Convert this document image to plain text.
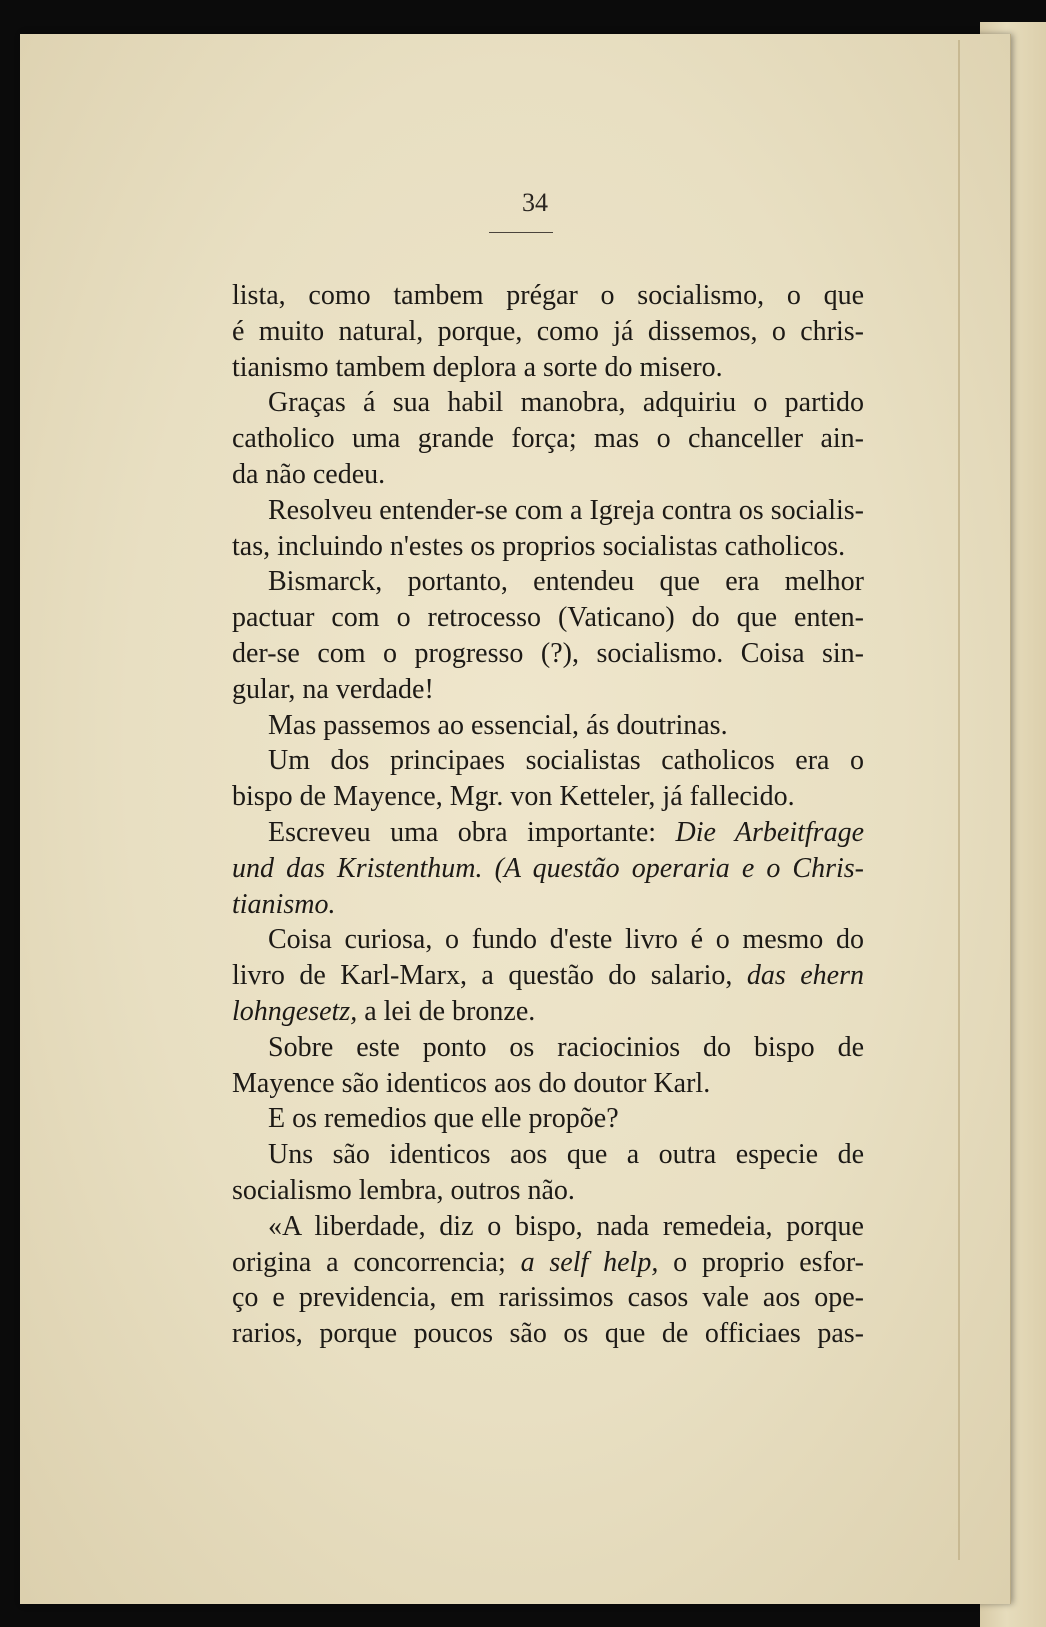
34
lista, como tambem prégar o socialismo, o que
é muito natural, porque, como já dissemos, o chris-
tianismo tambem deplora a sorte do misero.
Graças á sua habil manobra, adquiriu o partido
catholico uma grande força; mas o chanceller ain-
da não cedeu.
Resolveu entender-se com a Igreja contra os socialis-
tas, incluindo n'estes os proprios socialistas catholicos.
Bismarck, portanto, entendeu que era melhor
pactuar com o retrocesso (Vaticano) do que enten-
der-se com o progresso (?), socialismo. Coisa sin-
gular, na verdade!
Mas passemos ao essencial, ás doutrinas.
Um dos principaes socialistas catholicos era o
bispo de Mayence, Mgr. von Ketteler, já fallecido.
Escreveu uma obra importante: Die Arbeitfrage
und das Kristenthum. (A questão operaria e o Chris-
tianismo.
Coisa curiosa, o fundo d'este livro é o mesmo do
livro de Karl-Marx, a questão do salario, das ehern
lohngesetz, a lei de bronze.
Sobre este ponto os raciocinios do bispo de
Mayence são identicos aos do doutor Karl.
E os remedios que elle propõe?
Uns são identicos aos que a outra especie de
socialismo lembra, outros não.
«A liberdade, diz o bispo, nada remedeia, porque
origina a concorrencia; a self help, o proprio esfor-
ço e previdencia, em rarissimos casos vale aos ope-
rarios, porque poucos são os que de officiaes pas-
